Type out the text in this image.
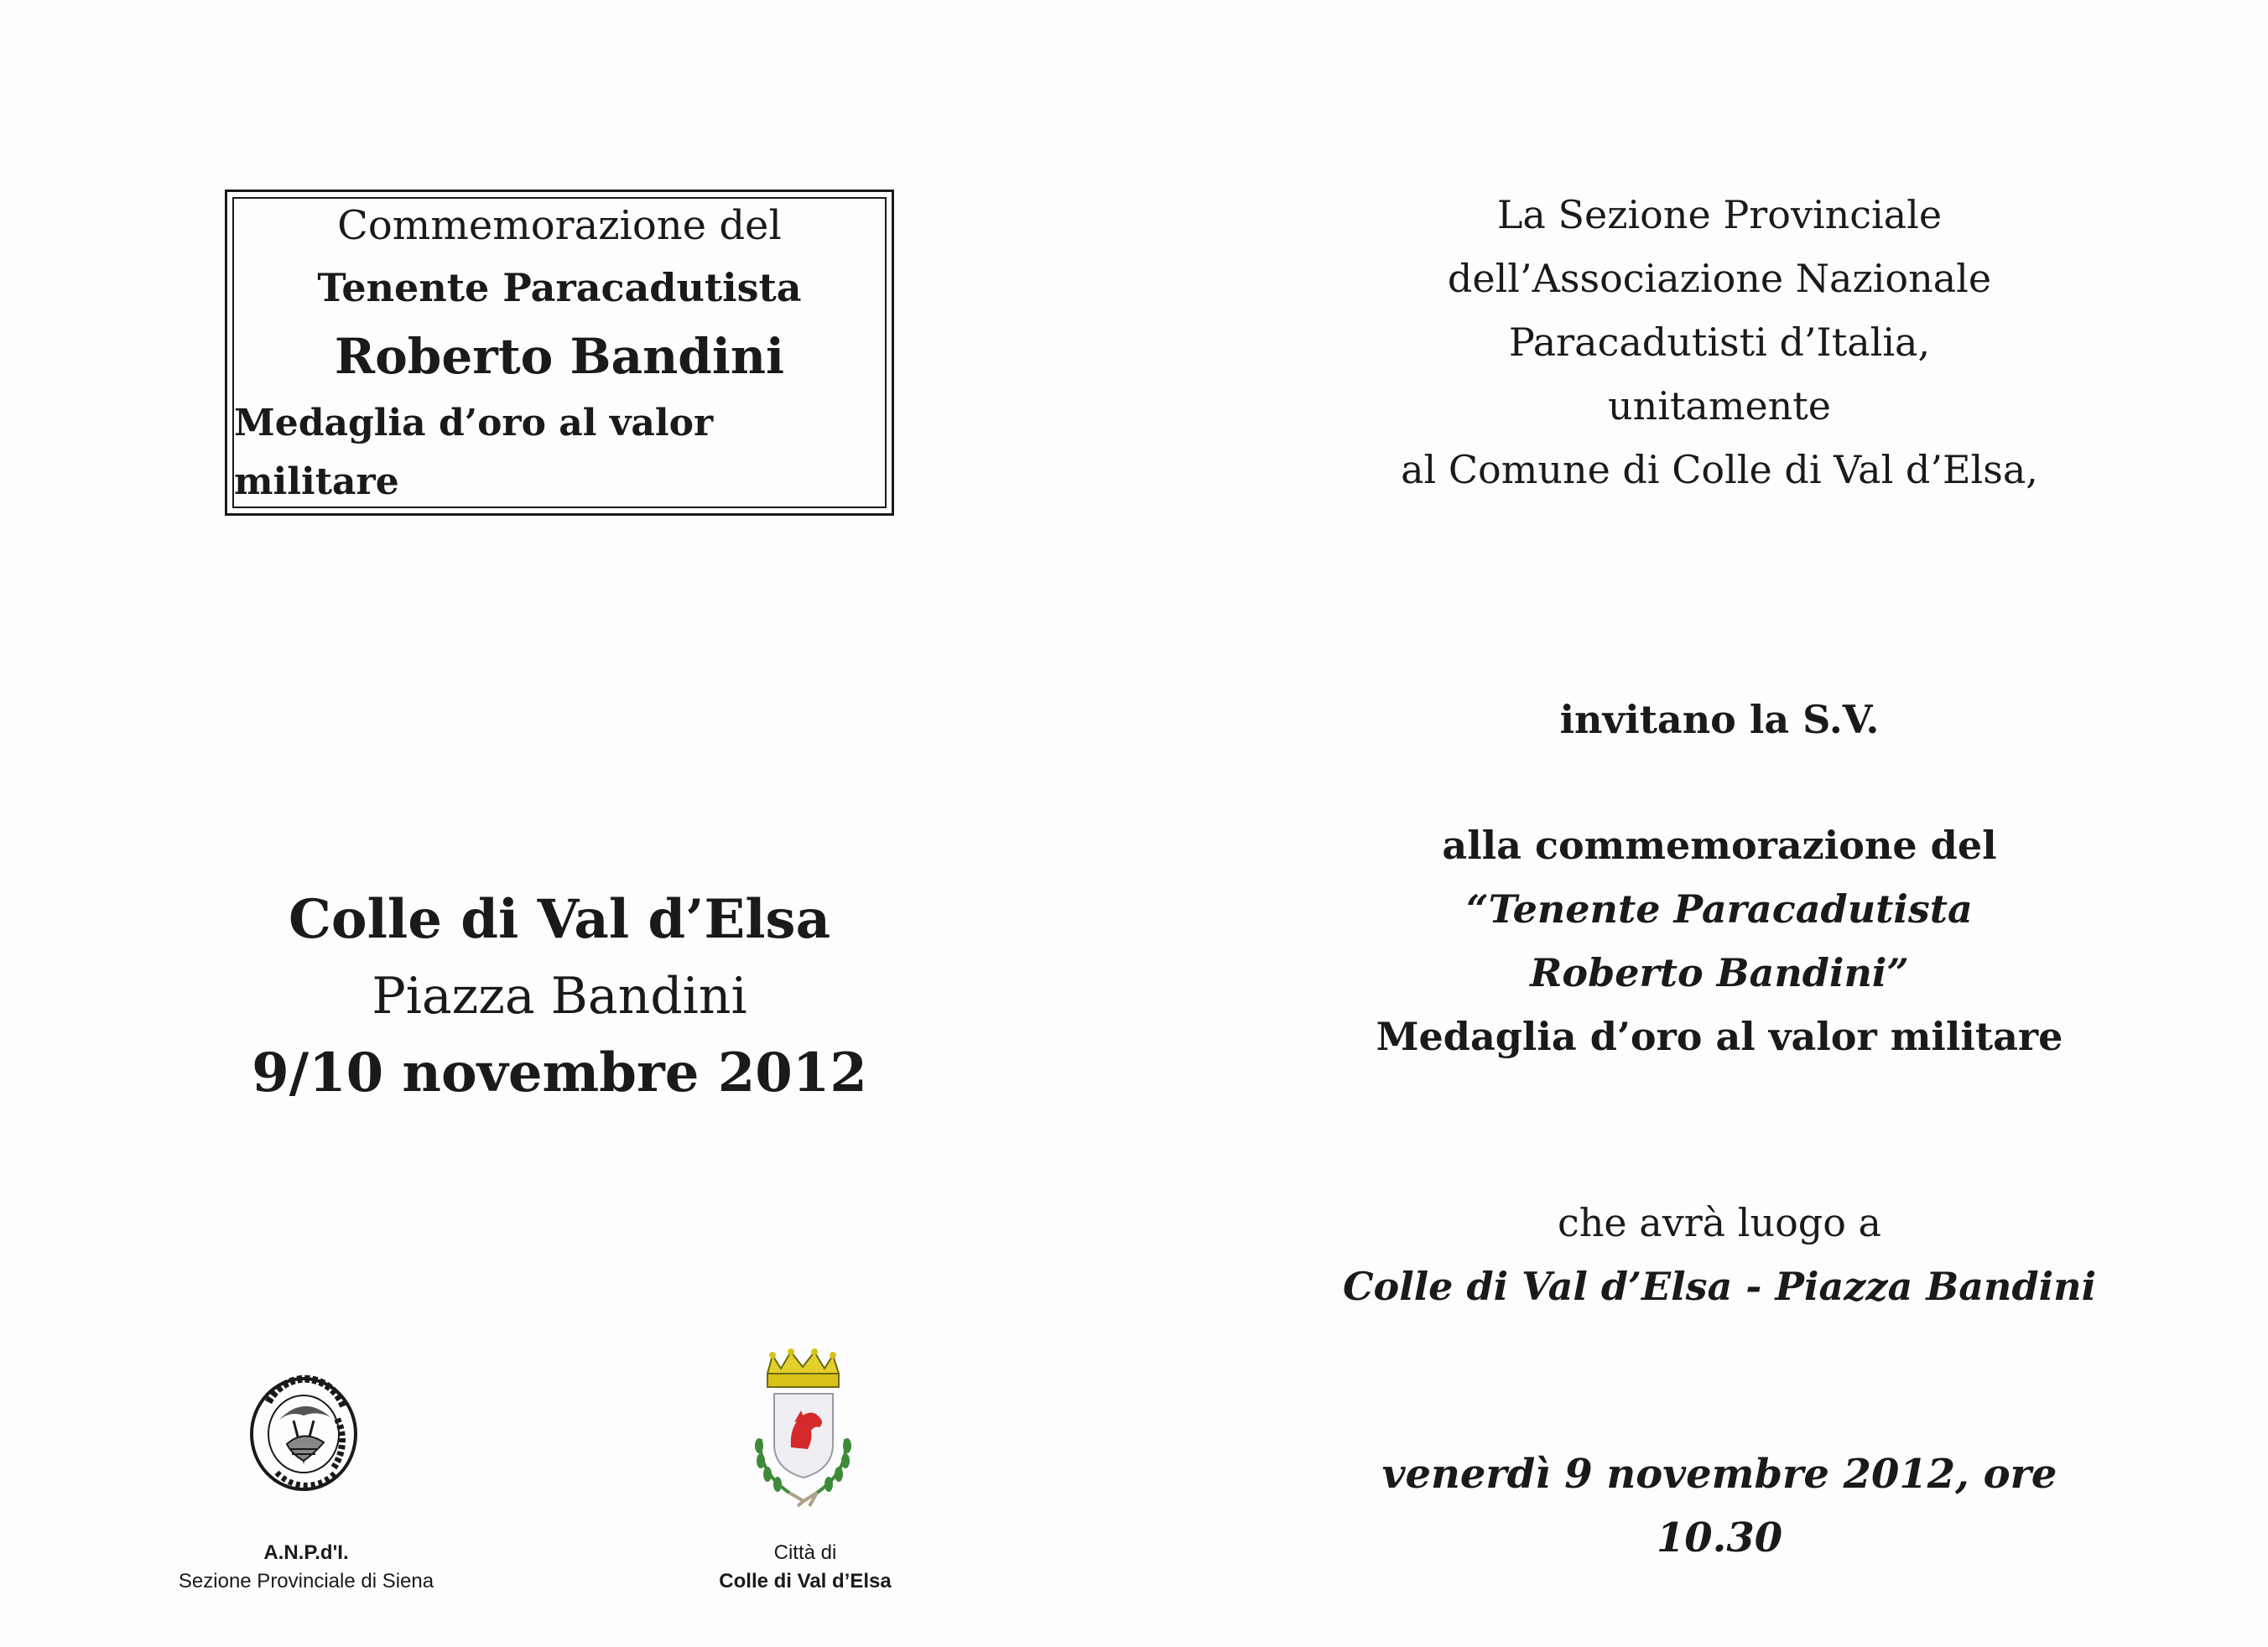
Commemorazione del
Tenente Paracadutista
Roberto Bandini
Medaglia d’oro al valor militare
Colle di Val d’Elsa
Piazza Bandini
9/10 novembre 2012
A.N.P.d'I.
Sezione Provinciale di Siena
Città di
Colle di Val d’Elsa
La Sezione Provinciale
dell’Associazione Nazionale
Paracadutisti d’Italia,
unitamente
al Comune di Colle di Val d’Elsa,
invitano la S.V.
alla commemorazione del
“Tenente Paracadutista
Roberto Bandini”
Medaglia d’oro al valor militare
che avrà luogo a
Colle di Val d’Elsa - Piazza Bandini
venerdì 9 novembre 2012, ore 10.30
